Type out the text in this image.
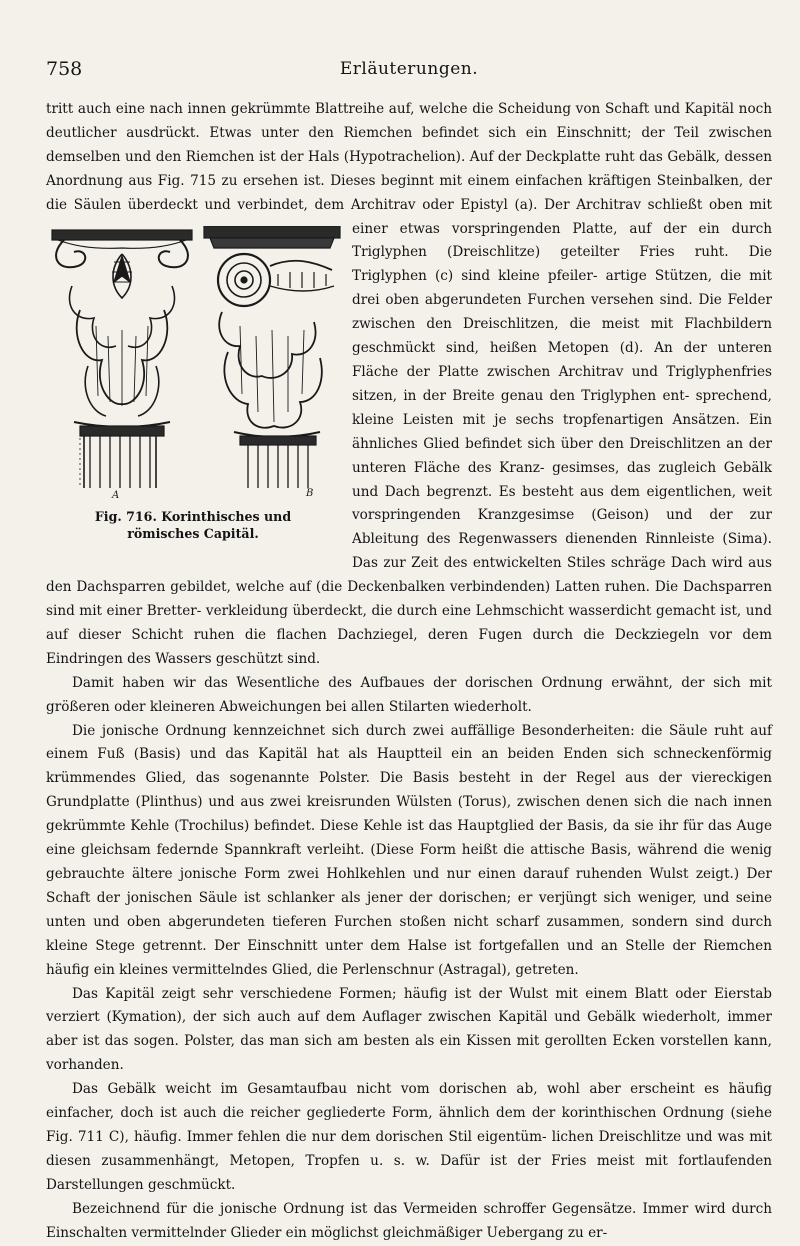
758	Erläuterungen.

tritt auch eine nach innen gekrümmte Blattreihe auf, welche die Scheidung von Schaft und Kapitäl noch deutlicher ausdrückt. Etwas unter den Riemchen befindet sich ein Einschnitt; der Teil zwischen demselben und den Riemchen ist der Hals (Hypotrachelion). Auf der Deckplatte ruht das Gebälk, dessen Anordnung aus Fig. 715 zu ersehen ist. Dieses beginnt mit einem einfachen kräftigen Steinbalken, der die Säulen überdeckt und verbindet, dem Architrav oder Epistyl (a). Der Architrav schließt oben mit einer etwas vorspringenden Platte,
A	B
Fig. 716. Korinthisches und
römisches Capitäl.
auf der ein durch Triglyphen (Dreischlitze) geteilter Fries ruht. Die Triglyphen (c) sind kleine pfeiler- artige Stützen, die mit drei oben abgerundeten Furchen versehen sind. Die Felder zwischen den Dreischlitzen, die meist mit Flachbildern geschmückt sind, heißen Metopen (d). An der unteren Fläche der Platte zwischen Architrav und Triglyphenfries sitzen, in der Breite genau den Triglyphen ent- sprechend, kleine Leisten mit je sechs tropfenartigen Ansätzen. Ein ähnliches Glied befindet sich über den Dreischlitzen an der unteren Fläche des Kranz- gesimses, das zugleich Gebälk und Dach begrenzt. Es besteht aus dem eigentlichen, weit vorspringenden Kranzgesimse (Geison) und der zur Ableitung des Regenwassers dienenden Rinnleiste (Sima). Das zur Zeit des entwickelten Stiles schräge Dach wird aus den Dachsparren gebildet, welche auf (die Deckenbalken verbindenden) Latten ruhen. Die Dachsparren sind mit einer Bretter- verkleidung überdeckt, die durch eine Lehmschicht wasserdicht gemacht ist, und auf dieser Schicht ruhen die flachen Dachziegel, deren Fugen durch die Deckziegeln vor dem Eindringen des Wassers geschützt sind.

Damit haben wir das Wesentliche des Aufbaues der dorischen Ordnung erwähnt, der sich mit größeren oder kleineren Abweichungen bei allen Stilarten wiederholt.

Die jonische Ordnung kennzeichnet sich durch zwei auffällige Besonderheiten: die Säule ruht auf einem Fuß (Basis) und das Kapitäl hat als Hauptteil ein an beiden Enden sich schneckenförmig krümmendes Glied, das sogenannte Polster. Die Basis besteht in der Regel aus der viereckigen Grundplatte (Plinthus) und aus zwei kreisrunden Wülsten (Torus), zwischen denen sich die nach innen gekrümmte Kehle (Trochilus) befindet. Diese Kehle ist das Hauptglied der Basis, da sie ihr für das Auge eine gleichsam federnde Spannkraft verleiht. (Diese Form heißt die attische Basis, während die wenig gebrauchte ältere jonische Form zwei Hohlkehlen und nur einen darauf ruhenden Wulst zeigt.) Der Schaft der jonischen Säule ist schlanker als jener der dorischen; er verjüngt sich weniger, und seine unten und oben abgerundeten tieferen Furchen stoßen nicht scharf zusammen, sondern sind durch kleine Stege getrennt. Der Einschnitt unter dem Halse ist fortgefallen und an Stelle der Riemchen häufig ein kleines vermittelndes Glied, die Perlenschnur (Astragal), getreten.

Das Kapitäl zeigt sehr verschiedene Formen; häufig ist der Wulst mit einem Blatt oder Eierstab verziert (Kymation), der sich auch auf dem Auflager zwischen Kapitäl und Gebälk wiederholt, immer aber ist das sogen. Polster, das man sich am besten als ein Kissen mit gerollten Ecken vorstellen kann, vorhanden.

Das Gebälk weicht im Gesamtaufbau nicht vom dorischen ab, wohl aber erscheint es häufig einfacher, doch ist auch die reicher gegliederte Form, ähnlich dem der korinthischen Ordnung (siehe Fig. 711 C), häufig. Immer fehlen die nur dem dorischen Stil eigentüm- lichen Dreischlitze und was mit diesen zusammenhängt, Metopen, Tropfen u. s. w. Dafür ist der Fries meist mit fortlaufenden Darstellungen geschmückt.

Bezeichnend für die jonische Ordnung ist das Vermeiden schroffer Gegensätze. Immer wird durch Einschalten vermittelnder Glieder ein möglichst gleichmäßiger Uebergang zu er-
